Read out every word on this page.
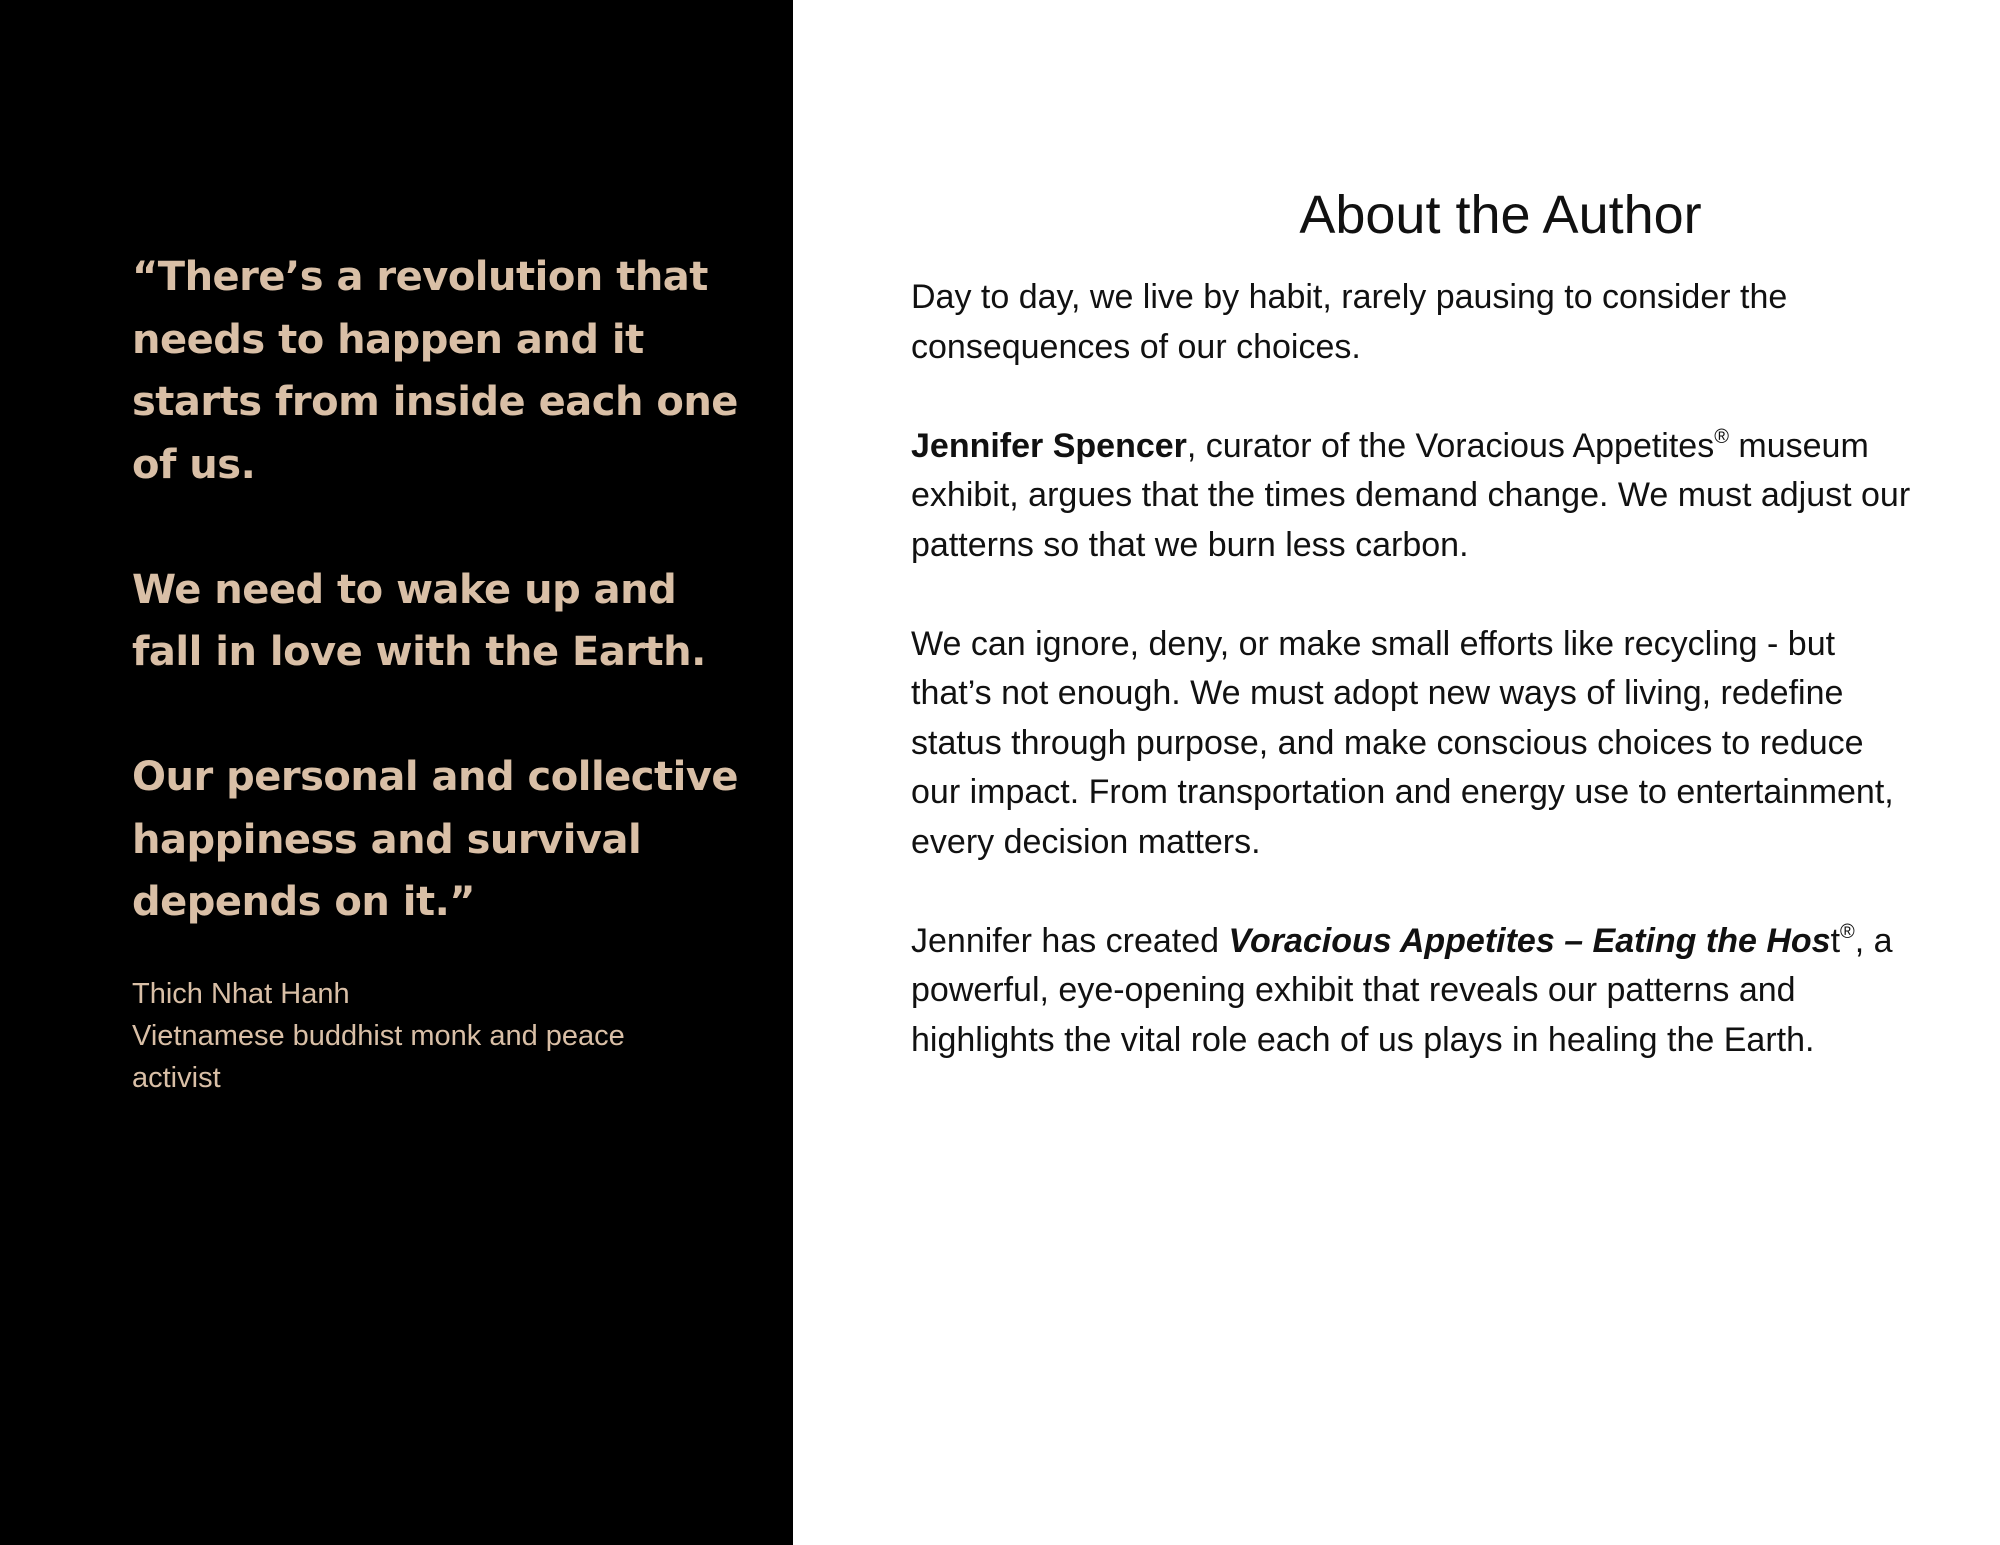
“There’s a revolution that needs to happen and it starts from inside each one of us.

We need to wake up and fall in love with the Earth.

Our personal and collective happiness and survival depends on it.”

Thich Nhat Hanh
Vietnamese buddhist monk and peace activist
About the Author

Day to day, we live by habit, rarely pausing to consider the consequences of our choices.

Jennifer Spencer, curator of the Voracious Appetites® museum exhibit, argues that the times demand change. We must adjust our patterns so that we burn less carbon.

We can ignore, deny, or make small efforts like recycling - but that’s not enough. We must adopt new ways of living, redefine status through purpose, and make conscious choices to reduce our impact. From transportation and energy use to entertainment, every decision matters.

Jennifer has created Voracious Appetites – Eating the Host®, a powerful, eye-opening exhibit that reveals our patterns and highlights the vital role each of us plays in healing the Earth.
